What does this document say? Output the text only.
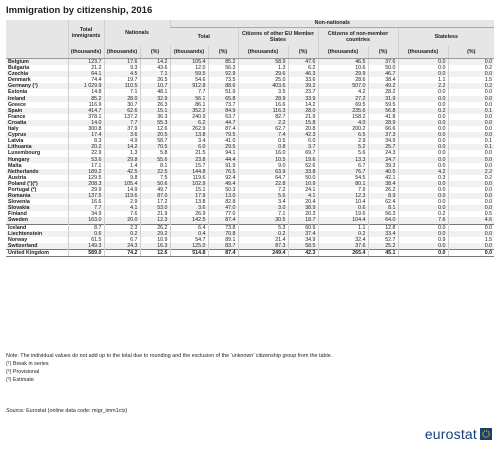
Immigration by citizenship, 2016
	Total immigrants	Nationals		Non-nationals							
				Total		Citizens of other EU Member States		Citizens of non-member countries		Stateless	
	(thousands)	(thousands)	(%)	(thousands)	(%)	(thousands)	(%)	(thousands)	(%)	(thousands)	(%)
Belgium	123.7	17.6	14.2	105.4	85.2	58.9	47.6	46.5	37.6	0.0	0.0
Bulgaria	21.2	9.3	43.6	12.0	56.3	1.3	6.2	10.6	50.0	0.0	0.2
Czechia	64.1	4.5	7.1	59.5	92.9	29.6	46.3	29.9	46.7	0.0	0.0
Denmark	74.4	19.7	26.5	54.6	73.5	25.0	33.6	28.6	38.4	1.1	1.5
Germany (¹)	1 029.9	110.5	10.7	912.8	88.6	403.6	39.2	507.0	49.2	2.2	0.2
Estonia	14.8	7.1	48.1	7.7	51.9	3.5	23.7	4.2	28.2	0.0	0.0
Ireland	85.2	28.0	32.9	56.1	65.8	28.9	33.9	27.2	31.9	0.0	0.0
Greece	116.9	30.7	26.3	86.1	73.7	16.6	14.2	69.5	59.5	0.0	0.0
Spain	414.7	62.6	15.1	352.2	84.9	116.3	28.0	235.6	56.8	0.2	0.1
France	378.1	137.2	36.3	240.9	63.7	82.7	21.9	158.2	41.8	0.0	0.0
Croatia	14.0	7.7	55.3	6.2	44.7	2.2	15.8	4.0	28.9	0.0	0.0
Italy	300.8	37.9	12.6	262.9	87.4	62.7	20.8	200.2	66.6	0.0	0.0
Cyprus	17.4	3.6	20.5	13.8	79.5	7.4	42.3	6.5	37.3	0.0	0.0
Latvia	8.3	4.9	58.7	3.4	41.0	0.5	6.0	2.9	34.9	0.0	0.1
Lithuania	20.2	14.2	70.5	6.0	29.5	0.8	3.7	5.2	25.7	0.0	0.1
Luxembourg	22.9	1.3	5.8	21.5	94.1	16.0	69.7	5.6	24.3	0.0	0.0
Hungary	53.6	29.8	55.6	23.8	44.4	10.5	19.6	13.3	24.7	0.0	0.0
Malta	17.1	1.4	8.1	15.7	91.9	9.0	52.6	6.7	39.3	0.0	0.0
Netherlands	189.2	42.5	22.5	144.8	76.5	63.9	33.8	76.7	40.5	4.2	2.2
Austria	129.5	9.8	7.5	119.6	92.4	64.7	50.0	54.5	42.1	0.3	0.2
Poland (¹)(²)	208.3	105.4	50.6	102.9	49.4	22.8	10.9	80.1	38.4	0.0	0.0
Portugal (²)	29.9	14.9	49.7	15.1	50.3	7.2	24.1	7.9	26.2	0.0	0.0
Romania	137.5	119.6	87.0	17.9	13.0	5.6	4.1	12.3	8.9	0.0	0.0
Slovenia	16.6	2.9	17.2	13.8	82.8	3.4	20.4	10.4	62.4	0.0	0.0
Slovakia	7.7	4.1	53.0	3.6	47.0	3.0	38.9	0.6	8.1	0.0	0.0
Finland	34.9	7.6	21.9	26.9	77.0	7.1	20.3	19.6	56.3	0.2	0.5
Sweden	163.0	20.0	12.3	142.5	87.4	30.5	18.7	104.4	64.0	7.6	4.6
Iceland	8.7	2.3	26.2	6.4	73.8	5.3	60.9	1.1	12.8	0.0	0.0
Liechtenstein	0.6	0.2	29.2	0.4	70.8	0.2	37.4	0.2	33.4	0.0	0.0
Norway	61.5	6.7	10.9	54.7	89.1	21.4	34.9	32.4	52.7	0.9	1.5
Switzerland	149.3	24.3	16.3	125.0	83.7	87.3	58.5	37.6	25.2	0.0	0.0
United Kingdom	589.0	74.2	12.6	514.8	87.4	249.4	42.3	265.4	45.1	0.0	0.0
Note: The individual values do not add up to the total due to rounding and the exclusion of the 'unknown' citizenship group from the table.
(¹) Break in series
(²) Provisional
(³) Estimate
Source: Eurostat (online data code: migr_imm1ctz)
eurostat
